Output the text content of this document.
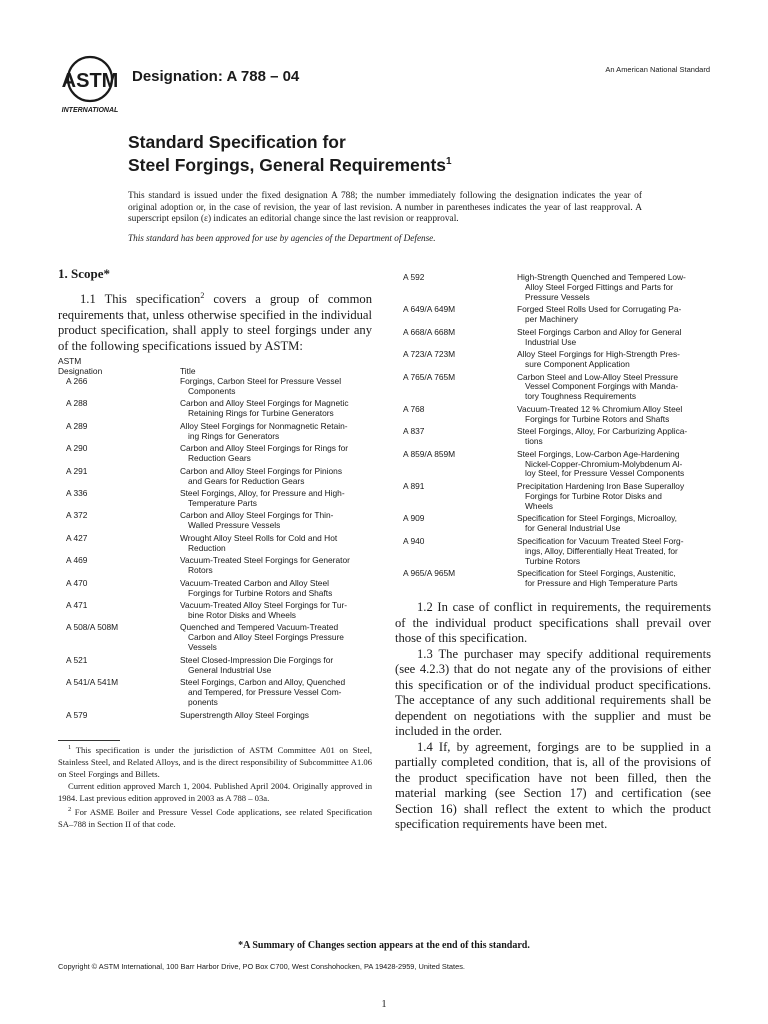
ASTM
INTERNATIONAL
Designation: A 788 – 04	An American National Standard
Standard Specification for
Steel Forgings, General Requirements$^1$
This standard is issued under the fixed designation A 788; the number immediately following the designation indicates the year of original adoption or, in the case of revision, the year of last revision. A number in parentheses indicates the year of last reapproval. A superscript epsilon (ε) indicates an editorial change since the last revision or reapproval.
This standard has been approved for use by agencies of the Department of Defense.
1. Scope*
1.1 This specification$^2$ covers a group of common requirements that, unless otherwise specified in the individual product specification, shall apply to steel forgings under any of the following specifications issued by ASTM:
ASTM	
Designation	Title
A 266	Forgings, Carbon Steel for Pressure Vessel
Components

A 288	Carbon and Alloy Steel Forgings for Magnetic
Retaining Rings for Turbine Generators

A 289	Alloy Steel Forgings for Nonmagnetic Retain-
ing Rings for Generators

A 290	Carbon and Alloy Steel Forgings for Rings for
Reduction Gears

A 291	Carbon and Alloy Steel Forgings for Pinions
and Gears for Reduction Gears

A 336	Steel Forgings, Alloy, for Pressure and High-
Temperature Parts

A 372	Carbon and Alloy Steel Forgings for Thin-
Walled Pressure Vessels

A 427	Wrought Alloy Steel Rolls for Cold and Hot
Reduction

A 469	Vacuum-Treated Steel Forgings for Generator
Rotors

A 470	Vacuum-Treated Carbon and Alloy Steel
Forgings for Turbine Rotors and Shafts

A 471	Vacuum-Treated Alloy Steel Forgings for Tur-
bine Rotor Disks and Wheels

A 508/A 508M	Quenched and Tempered Vacuum-Treated
Carbon and Alloy Steel Forgings Pressure
Vessels

A 521	Steel Closed-Impression Die Forgings for
General Industrial Use

A 541/A 541M	Steel Forgings, Carbon and Alloy, Quenched
and Tempered, for Pressure Vessel Com-
ponents

A 579	Superstrength Alloy Steel Forgings

$^1$ This specification is under the jurisdiction of ASTM Committee A01 on Steel, Stainless Steel, and Related Alloys, and is the direct responsibility of Subcommittee A1.06 on Steel Forgings and Billets.

Current edition approved March 1, 2004. Published April 2004. Originally approved in 1984. Last previous edition approved in 2003 as A 788 – 03a.

$^2$ For ASME Boiler and Pressure Vessel Code applications, see related Specification SA–788 in Section II of that code.

A 592	High-Strength Quenched and Tempered Low-
Alloy Steel Forged Fittings and Parts for
Pressure Vessels

A 649/A 649M	Forged Steel Rolls Used for Corrugating Pa-
per Machinery

A 668/A 668M	Steel Forgings Carbon and Alloy for General
Industrial Use

A 723/A 723M	Alloy Steel Forgings for High-Strength Pres-
sure Component Application

A 765/A 765M	Carbon Steel and Low-Alloy Steel Pressure
Vessel Component Forgings with Manda-
tory Toughness Requirements

A 768	Vacuum-Treated 12 % Chromium Alloy Steel
Forgings for Turbine Rotors and Shafts

A 837	Steel Forgings, Alloy, For Carburizing Applica-
tions

A 859/A 859M	Steel Forgings, Low-Carbon Age-Hardening
Nickel-Copper-Chromium-Molybdenum Al-
loy Steel, for Pressure Vessel Components

A 891	Precipitation Hardening Iron Base Superalloy
Forgings for Turbine Rotor Disks and
Wheels

A 909	Specification for Steel Forgings, Microalloy,
for General Industrial Use

A 940	Specification for Vacuum Treated Steel Forg-
ings, Alloy, Differentially Heat Treated, for
Turbine Rotors

A 965/A 965M	Specification for Steel Forgings, Austenitic,
for Pressure and High Temperature Parts
1.2 In case of conflict in requirements, the requirements of the individual product specifications shall prevail over those of this specification.
1.3 The purchaser may specify additional requirements (see 4.2.3) that do not negate any of the provisions of either this specification or of the individual product specifications. The acceptance of any such additional requirements shall be dependent on negotiations with the supplier and must be included in the order.
1.4 If, by agreement, forgings are to be supplied in a partially completed condition, that is, all of the provisions of the product specification have not been filled, then the material marking (see Section 17) and certification (see Section 16) shall reflect the extent to which the product specification requirements have been met.
*A Summary of Changes section appears at the end of this standard.
Copyright © ASTM International, 100 Barr Harbor Drive, PO Box C700, West Conshohocken, PA 19428-2959, United States.
1
